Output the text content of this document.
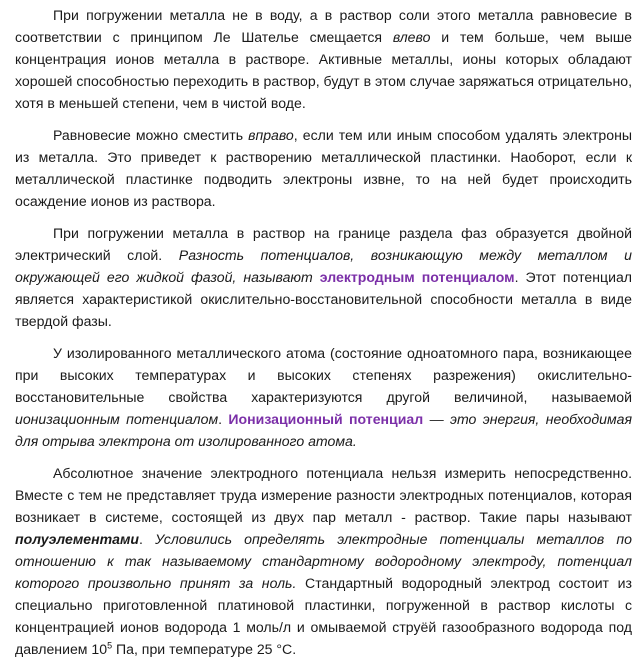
При погружении металла не в воду, а в раствор соли этого металла равновесие в соответствии с принципом Ле Шателье смещается влево и тем больше, чем выше концентрация ионов металла в растворе. Активные металлы, ионы которых обладают хорошей способностью переходить в раствор, будут в этом случае заряжаться отрицательно, хотя в меньшей степени, чем в чистой воде.

Равновесие можно сместить вправо, если тем или иным способом удалять электроны из металла. Это приведет к растворению металлической пластинки. Наоборот, если к металлической пластинке подводить электроны извне, то на ней будет происходить осаждение ионов из раствора.

При погружении металла в раствор на границе раздела фаз образуется двойной электрический слой. Разность потенциалов, возникающую между металлом и окружающей его жидкой фазой, называют электродным потенциалом. Этот потенциал является характеристикой окислительно-восстановительной способности металла в виде твердой фазы.

У изолированного металлического атома (состояние одноатомного пара, возникающее при высоких температурах и высоких степенях разрежения) окислительно-восстановительные свойства характеризуются другой величиной, называемой ионизационным потенциалом. Ионизационный потенциал — это энергия, необходимая для отрыва электрона от изолированного атома.

Абсолютное значение электродного потенциала нельзя измерить непосредственно. Вместе с тем не представляет труда измерение разности электродных потенциалов, которая возникает в системе, состоящей из двух пар металл - раствор. Такие пары называют полуэлементами. Условились определять электродные потенциалы металлов по отношению к так называемому стандартному водородному электроду, потенциал которого произвольно принят за ноль. Стандартный водородный электрод состоит из специально приготовленной платиновой пластинки, погруженной в раствор кислоты с концентрацией ионов водорода 1 моль/л и омываемой струёй газообразного водорода под давлением $10^5$ Па, при температуре 25 °С.
